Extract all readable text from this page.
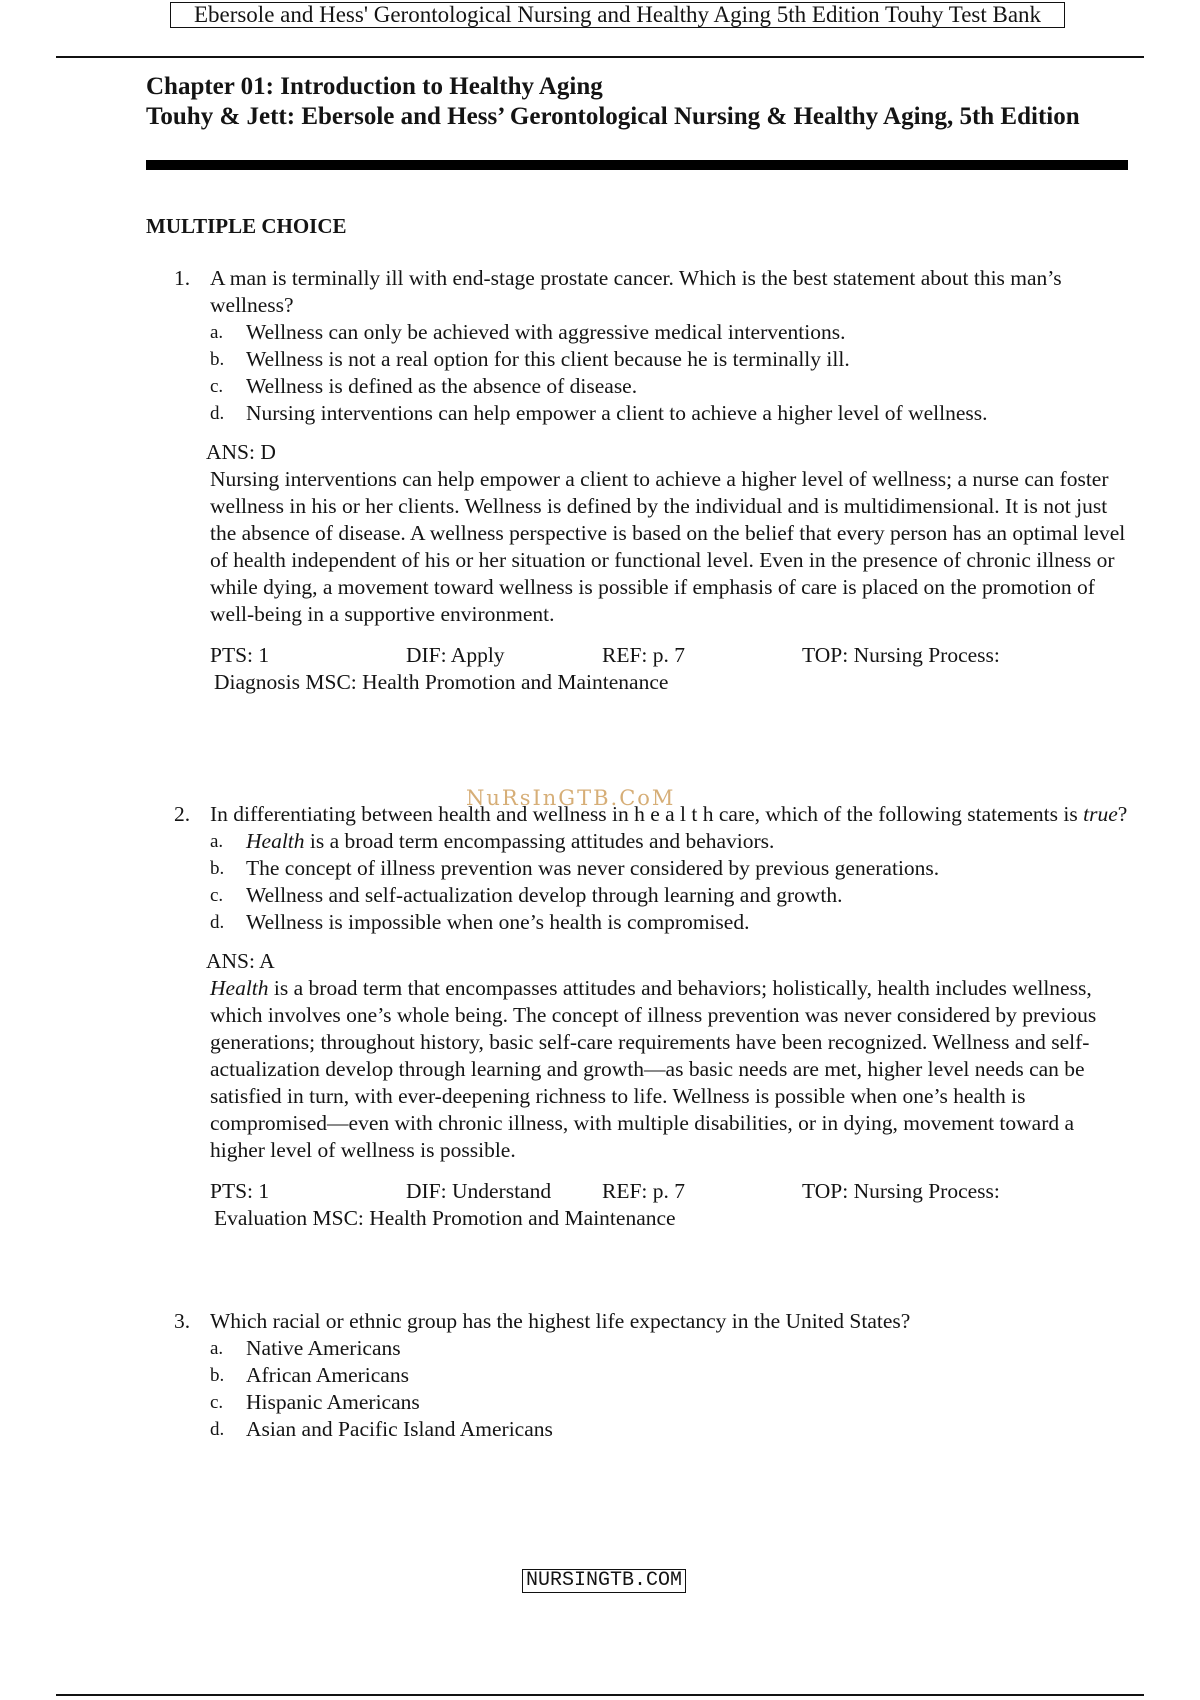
Ebersole and Hess' Gerontological Nursing and Healthy Aging 5th Edition Touhy Test Bank
Chapter 01: Introduction to Healthy Aging
Touhy & Jett: Ebersole and Hess’ Gerontological Nursing & Healthy Aging, 5th Edition
MULTIPLE CHOICE
1. A man is terminally ill with end-stage prostate cancer. Which is the best statement about this man’s wellness?
a.	Wellness can only be achieved with aggressive medical interventions.
b.	Wellness is not a real option for this client because he is terminally ill.
c.	Wellness is defined as the absence of disease.
d.	Nursing interventions can help empower a client to achieve a higher level of wellness.
ANS: D
Nursing interventions can help empower a client to achieve a higher level of wellness; a nurse can foster wellness in his or her clients. Wellness is defined by the individual and is multidimensional. It is not just the absence of disease. A wellness perspective is based on the belief that every person has an optimal level of health independent of his or her situation or functional level. Even in the presence of chronic illness or while dying, a movement toward wellness is possible if emphasis of care is placed on the promotion of well-being in a supportive environment.
PTS: 1	DIF: Apply	REF: p. 7	TOP: Nursing Process:
Diagnosis MSC: Health Promotion and Maintenance
NuRsInGTB.CoM
2. In differentiating between health and wellness in h e a l t h care, which of the following statements is true?
a.	Health is a broad term encompassing attitudes and behaviors.
b.	The concept of illness prevention was never considered by previous generations.
c.	Wellness and self-actualization develop through learning and growth.
d.	Wellness is impossible when one’s health is compromised.
ANS: A
Health is a broad term that encompasses attitudes and behaviors; holistically, health includes wellness, which involves one’s whole being. The concept of illness prevention was never considered by previous generations; throughout history, basic self-care requirements have been recognized. Wellness and self-actualization develop through learning and growth—as basic needs are met, higher level needs can be satisfied in turn, with ever-deepening richness to life. Wellness is possible when one’s health is compromised—even with chronic illness, with multiple disabilities, or in dying, movement toward a higher level of wellness is possible.
PTS: 1	DIF: Understand REF: p. 7	TOP: Nursing Process:
Evaluation MSC: Health Promotion and Maintenance
3. Which racial or ethnic group has the highest life expectancy in the United States?
a.	Native Americans
b.	African Americans
c.	Hispanic Americans
d.	Asian and Pacific Island Americans
NURSINGTB.COM
